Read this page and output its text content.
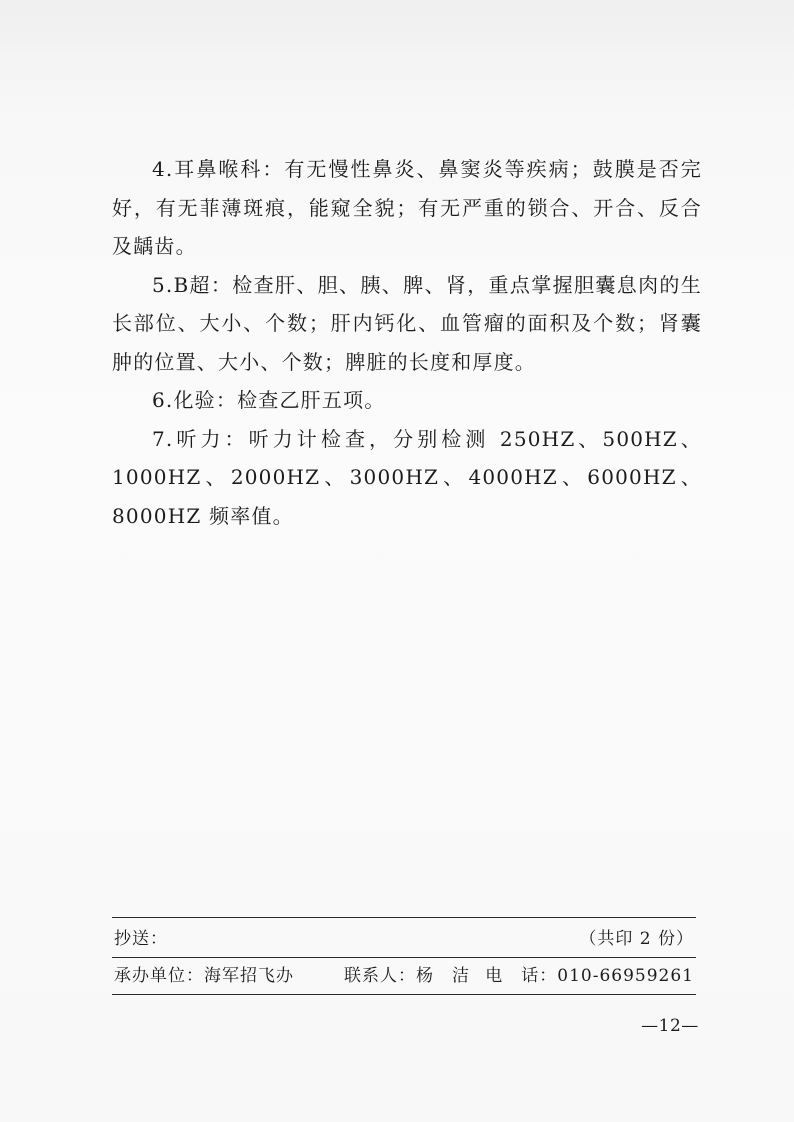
4.耳鼻喉科：有无慢性鼻炎、鼻窦炎等疾病；鼓膜是否完好，有无菲薄斑痕，能窥全貌；有无严重的锁合、开合、反合及龋齿。

5.B超：检查肝、胆、胰、脾、肾，重点掌握胆囊息肉的生长部位、大小、个数；肝内钙化、血管瘤的面积及个数；肾囊肿的位置、大小、个数；脾脏的长度和厚度。

6.化验：检查乙肝五项。

7.听力：听力计检查，分别检测 250HZ、500HZ、1000HZ、2000HZ、3000HZ、4000HZ、6000HZ、8000HZ 频率值。

抄送：	（共印 2 份）
承办单位：海军招飞办	联系人：杨　洁 电　话：010-66959261
—12—
